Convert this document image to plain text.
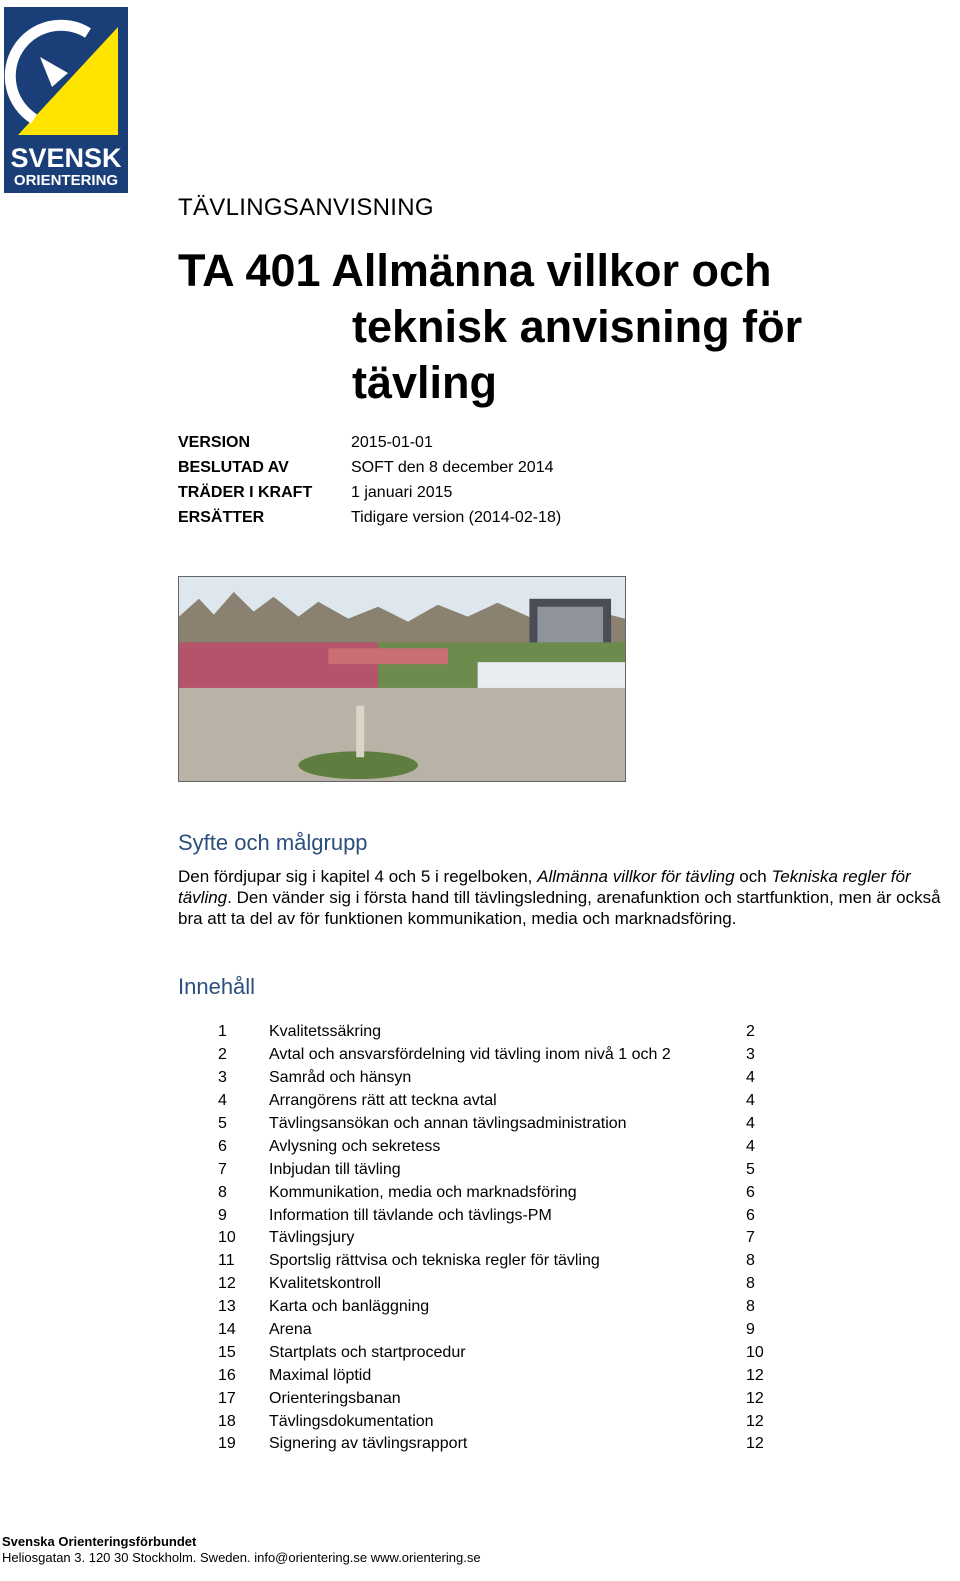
SVENSK
ORIENTERING
TÄVLINGSANVISNING
TA 401 Allmänna villkor och
teknisk anvisning för
tävling
VERSION	2015-01-01
BESLUTAD AV	SOFT den 8 december 2014
TRÄDER I KRAFT	1 januari 2015
ERSÄTTER	Tidigare version (2014-02-18)
Syfte och målgrupp
Den fördjupar sig i kapitel 4 och 5 i regelboken, Allmänna villkor för tävling och Tekniska regler för tävling. Den vänder sig i första hand till tävlingsledning, arenafunktion och startfunktion, men är också bra att ta del av för funktionen kommunikation, media och marknadsföring.
Innehåll
1	Kvalitetssäkring	2
2	Avtal och ansvarsfördelning vid tävling inom nivå 1 och 2	3
3	Samråd och hänsyn	4
4	Arrangörens rätt att teckna avtal	4
5	Tävlingsansökan och annan tävlingsadministration	4
6	Avlysning och sekretess	4
7	Inbjudan till tävling	5
8	Kommunikation, media och marknadsföring	6
9	Information till tävlande och tävlings-PM	6
10	Tävlingsjury	7
11	Sportslig rättvisa och tekniska regler för tävling	8
12	Kvalitetskontroll	8
13	Karta och banläggning	8
14	Arena	9
15	Startplats och startprocedur	10
16	Maximal löptid	12
17	Orienteringsbanan	12
18	Tävlingsdokumentation	12
19	Signering av tävlingsrapport	12
Svenska Orienteringsförbundet
Heliosgatan 3. 120 30 Stockholm. Sweden. info@orientering.se www.orientering.se
